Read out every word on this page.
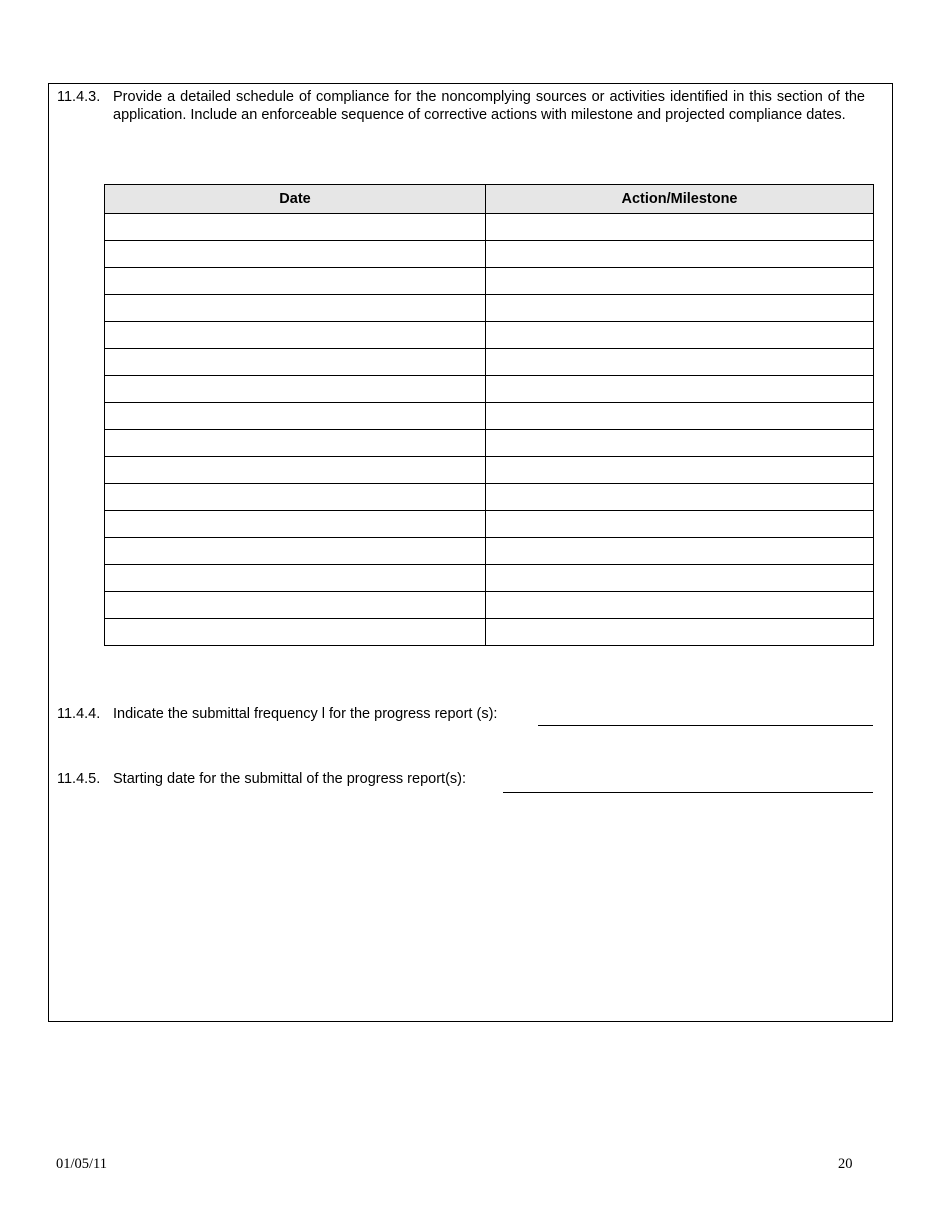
11.4.3. Provide a detailed schedule of compliance for the noncomplying sources or activities identified in this section of the application. Include an enforceable sequence of corrective actions with milestone and projected compliance dates.
Date	Action/Milestone

11.4.4. Indicate the submittal frequency l for the progress report (s):
11.4.5. Starting date for the submittal of the progress report(s):
01/05/11	20
